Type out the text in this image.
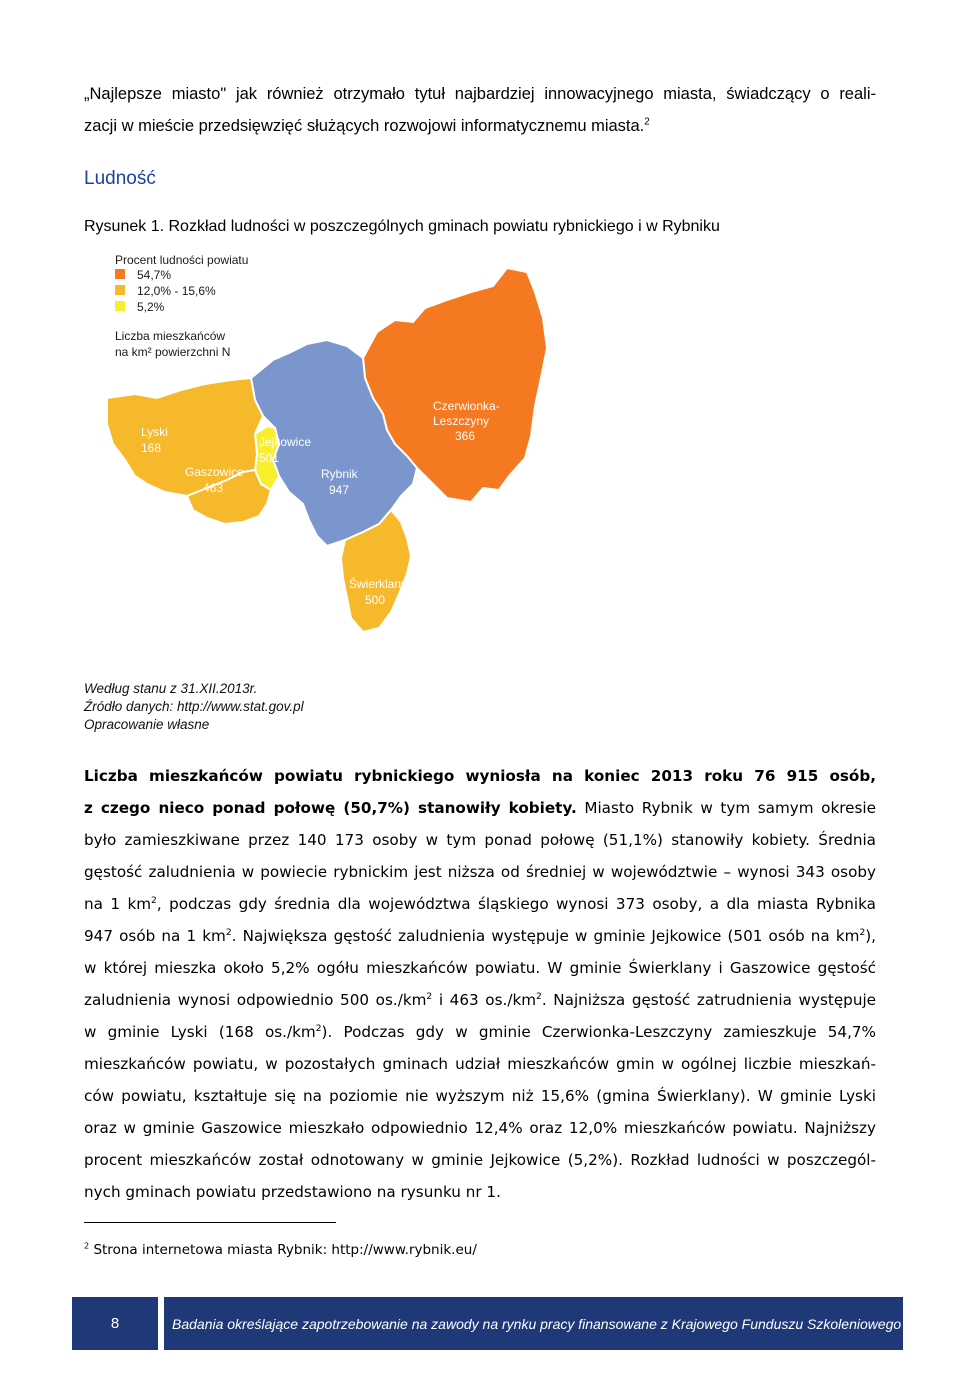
„Najlepsze miasto" jak również otrzymało tytuł najbardziej innowacyjnego miasta, świadczący o reali-
zacji w mieście przedsięwzięć służących rozwojowi informatycznemu miasta.$^2$
Ludność
Rysunek 1. Rozkład ludności w poszczególnych gminach powiatu rybnickiego i w Rybniku
Procent ludności powiatu
54,7%
12,0% - 15,6%
5,2%
Liczba mieszkańców
na km² powierzchni N
Lyski
168	Jejkowice
501
Gaszowice
463
Rybnik
947
Czerwionka-
Leszczyny
366
Świerklany
500
Według stanu z 31.XII.2013r.
Źródło danych: http://www.stat.gov.pl
Opracowanie własne
Liczba mieszkańców powiatu rybnickiego wyniosła na koniec 2013 roku 76 915 osób,
z czego nieco ponad połowę (50,7%) stanowiły kobiety. Miasto Rybnik w tym samym okresie
było zamieszkiwane przez 140 173 osoby w tym ponad połowę (51,1%) stanowiły kobiety. Średnia
gęstość zaludnienia w powiecie rybnickim jest niższa od średniej w województwie – wynosi 343 osoby
na 1 $km^2$, podczas gdy średnia dla województwa śląskiego wynosi 373 osoby, a dla miasta Rybnika
947 osób na 1 $km^2$. Największa gęstość zaludnienia występuje w gminie Jejkowice (501 osób na $km^2$),
w której mieszka około 5,2% ogółu mieszkańców powiatu. W gminie Świerklany i Gaszowice gęstość
zaludnienia wynosi odpowiednio 500 $os./km^2$ i 463 $os./km^2$. Najniższa gęstość zatrudnienia występuje
w gminie Lyski (168 $os./km^2$). Podczas gdy w gminie Czerwionka-Leszczyny zamieszkuje 54,7%
mieszkańców powiatu, w pozostałych gminach udział mieszkańców gmin w ogólnej liczbie mieszkań-
ców powiatu, kształtuje się na poziomie nie wyższym niż 15,6% (gmina Świerklany). W gminie Lyski
oraz w gminie Gaszowice mieszkało odpowiednio 12,4% oraz 12,0% mieszkańców powiatu. Najniższy
procent mieszkańców został odnotowany w gminie Jejkowice (5,2%). Rozkład ludności w poszczegól-
nych gminach powiatu przedstawiono na rysunku nr 1.
$^2$ Strona internetowa miasta Rybnik: http://www.rybnik.eu/
8	Badania określające zapotrzebowanie na zawody na rynku pracy finansowane z Krajowego Funduszu Szkoleniowego
